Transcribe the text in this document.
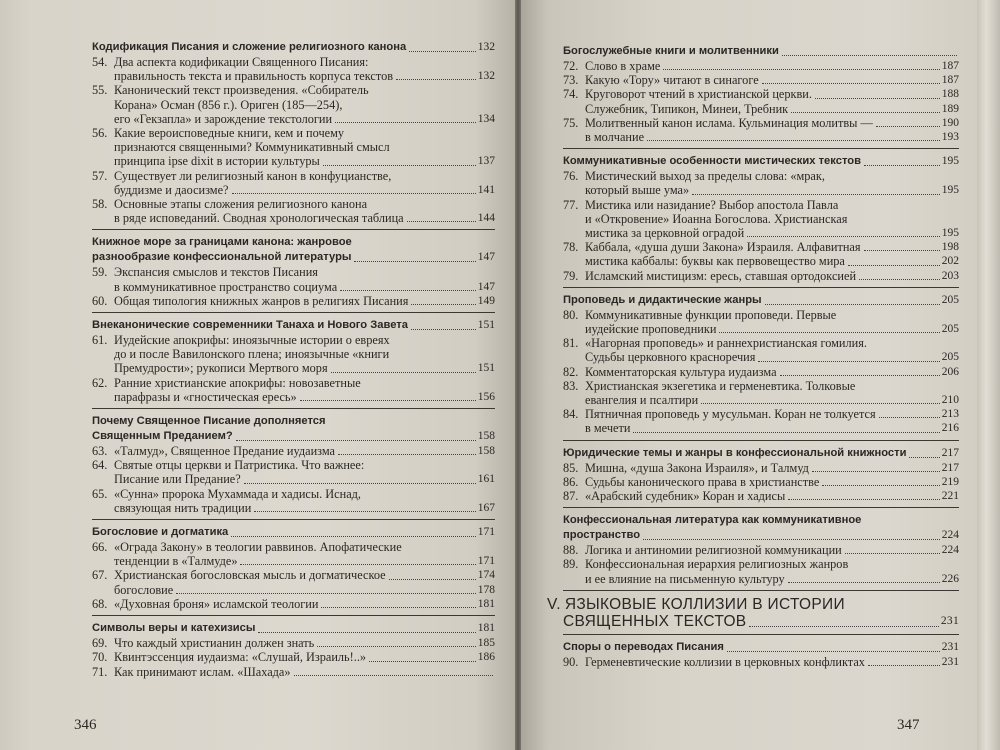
Кодификация Писания и сложение религиозного канона	132
54. Два аспекта кодификации Священного Писания:
правильность текста и правильность корпуса текстов	132
55. Канонический текст произведения. «Собиратель
Корана» Осман (856 г.). Ориген (185—254),
его «Гекзапла» и зарождение текстологии	134
56. Какие вероисповедные книги, кем и почему
признаются священными? Коммуникативный смысл
принципа ipse dixit в истории культуры	137
57. Существует ли религиозный канон в конфуцианстве,
буддизме и даосизме?	141
58. Основные этапы сложения религиозного канона
в ряде исповеданий. Сводная хронологическая таблица	144
Книжное море за границами канона: жанровое
разнообразие конфессиональной литературы	147
59. Экспансия смыслов и текстов Писания
в коммуникативное пространство социума	147
60. Общая типология книжных жанров в религиях Писания	149
Внеканонические современники Танаха и Нового Завета	151
61. Иудейские апокрифы: иноязычные истории о евреях
до и после Вавилонского плена; иноязычные «книги
Премудрости»; рукописи Мертвого моря	151
62. Ранние христианские апокрифы: новозаветные
парафразы и «гностическая ересь»	156
Почему Священное Писание дополняется
Священным Преданием?	158
63. «Талмуд», Священное Предание иудаизма	158
64. Святые отцы церкви и Патристика. Что важнее:
Писание или Предание?	161
65. «Сунна» пророка Мухаммада и хадисы. Иснад,
связующая нить традиции	167
Богословие и догматика	171
66. «Ограда Закону» в теологии раввинов. Апофатические
тенденции в «Талмуде»	171
67. Христианская богословская мысль и догматическое	174
богословие	178
68. «Духовная броня» исламской теологии	181
Символы веры и катехизисы	181
69. Что каждый христианин должен знать	185
70. Квинтэссенция иудаизма: «Слушай, Израиль!..»	186
71. Как принимают ислам. «Шахада»
346
Богослужебные книги и молитвенники
72. Слово в храме	187
73. Какую «Тору» читают в синагоге	187
74. Круговорот чтений в христианской церкви.	188
Служебник, Типикон, Минеи, Требник	189
75. Молитвенный канон ислама. Кульминация молитвы —	190
в молчание	193
Коммуникативные особенности мистических текстов	195
76. Мистический выход за пределы слова: «мрак,
который выше ума»	195
77. Мистика или назидание? Выбор апостола Павла
и «Откровение» Иоанна Богослова. Христианская
мистика за церковной оградой	195
78. Каббала, «душа души Закона» Израиля. Алфавитная	198
мистика каббалы: буквы как первовещество мира	202
79. Исламский мистицизм: ересь, ставшая ортодоксией	203
Проповедь и дидактические жанры	205
80. Коммуникативные функции проповеди. Первые
иудейские проповедники	205
81. «Нагорная проповедь» и раннехристианская гомилия.
Судьбы церковного красноречия	205
82. Комментаторская культура иудаизма	206
83. Христианская экзегетика и герменевтика. Толковые
евангелия и псалтири	210
84. Пятничная проповедь у мусульман. Коран не толкуется	213
в мечети	216
Юридические темы и жанры в конфессиональной книжности	217
85. Мишна, «душа Закона Израиля», и Талмуд	217
86. Судьбы канонического права в христианстве	219
87. «Арабский судебник» Коран и хадисы	221
Конфессиональная литература как коммуникативное
пространство	224
88. Логика и антиномии религиозной коммуникации	224
89. Конфессиональная иерархия религиозных жанров
и ее влияние на письменную культуру	226
V. ЯЗЫКОВЫЕ КОЛЛИЗИИ В ИСТОРИИ
СВЯЩЕННЫХ ТЕКСТОВ	231
Споры о переводах Писания	231
90. Герменевтические коллизии в церковных конфликтах	231
347
